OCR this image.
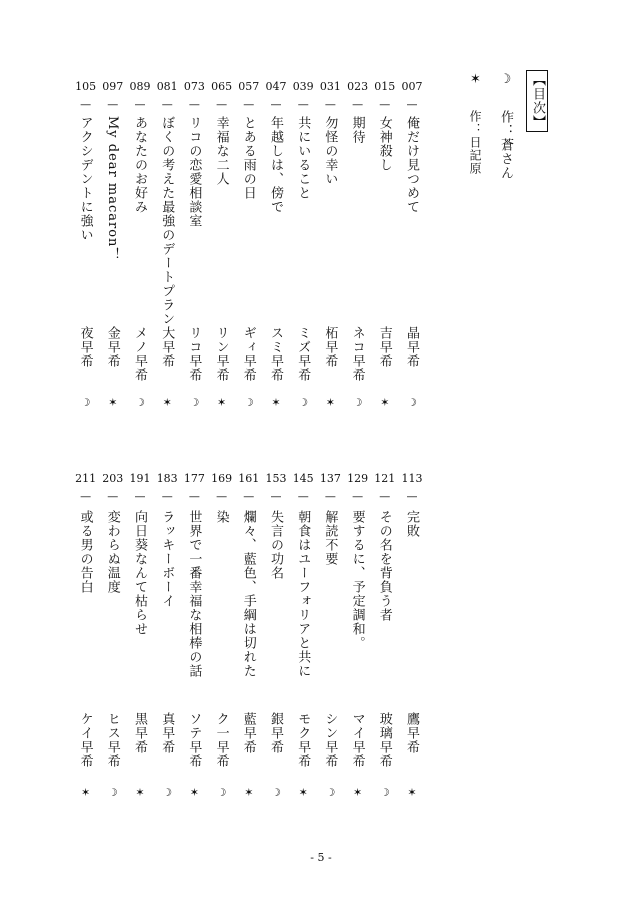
【目次】
☽
作：蒼さん
✶
作：日記原
007
—
俺だけ見つめて
晶早希
☽
015
—
女神殺し
吉早希
✶
023
—
期待
ネコ早希
☽
031
—
勿怪の幸い
柘早希
✶
039
—
共にいること
ミズ早希
☽
047
—
年越しは、傍で
スミ早希
✶
057
—
とある雨の日
ギィ早希
☽
065
—
幸福な二人
リン早希
✶
073
—
リコの恋愛相談室
リコ早希
☽
081
—
ぼくの考えた最強のデートプラン
大早希
✶
089
—
あなたのお好み
メノ早希
☽
097
—
My dear macaron！
金早希
✶
105
—
アクシデントに強い
夜早希
☽
113
—
完敗
鷹早希
✶
121
—
その名を背負う者
玻璃早希
☽
129
—
要するに、予定調和。
マイ早希
✶
137
—
解読不要
シン早希
☽
145
—
朝食はユーフォリアと共に
モク早希
✶
153
—
失言の功名
銀早希
☽
161
—
爛々、藍色、手綱は切れた
藍早希
✶
169
—
染
ク一早希
☽
177
—
世界で一番幸福な相棒の話
ソテ早希
✶
183
—
ラッキーボーイ
真早希
☽
191
—
向日葵なんて枯らせ
黒早希
✶
203
—
変わらぬ温度
ヒス早希
☽
211
—
或る男の告白
ケイ早希
✶
- 5 -
